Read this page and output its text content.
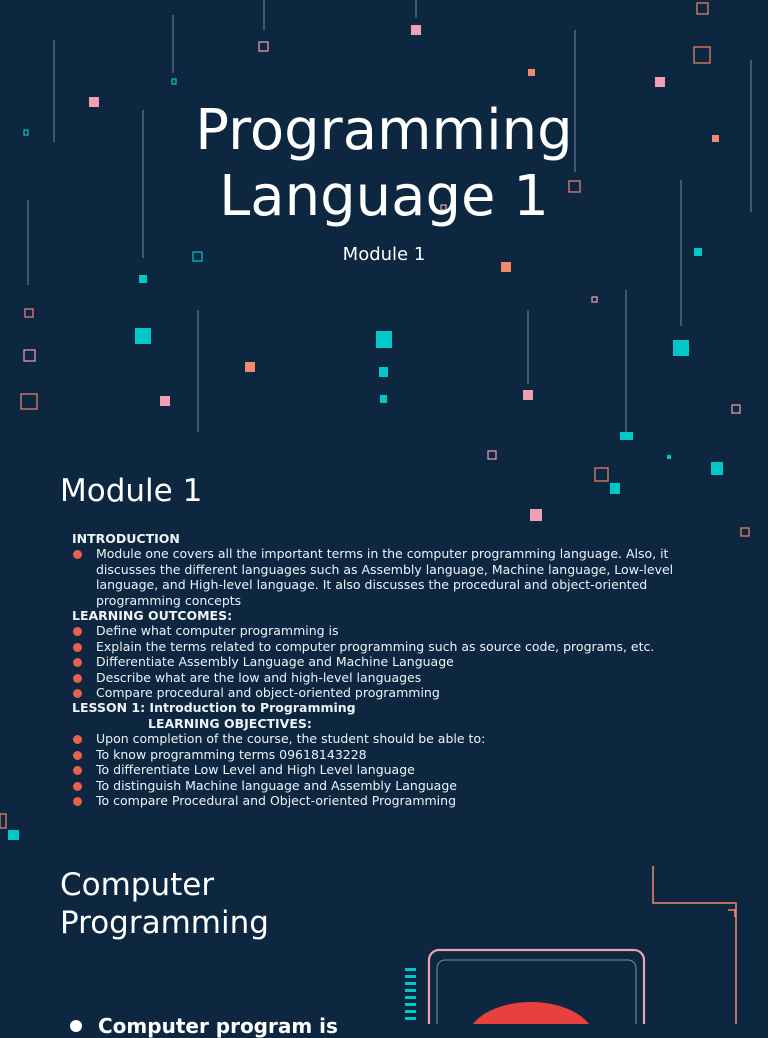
Programming
Language 1

Module 1

Module 1
INTRODUCTION
Module one covers all the important terms in the computer programming language. Also, it discusses the different languages such as Assembly language, Machine language, Low-level language, and High-level language. It also discusses the procedural and object-oriented programming concepts
LEARNING OUTCOMES:
Define what computer programming is
Explain the terms related to computer programming such as source code, programs, etc.
Differentiate Assembly Language and Machine Language
Describe what are the low and high-level languages
Compare procedural and object-oriented programming
LESSON 1: Introduction to Programming
LEARNING OBJECTIVES:
Upon completion of the course, the student should be able to:
To know programming terms 09618143228
To differentiate Low Level and High Level language
To distinguish Machine language and Assembly Language
To compare Procedural and Object-oriented Programming
Computer
Programming
Computer program is
